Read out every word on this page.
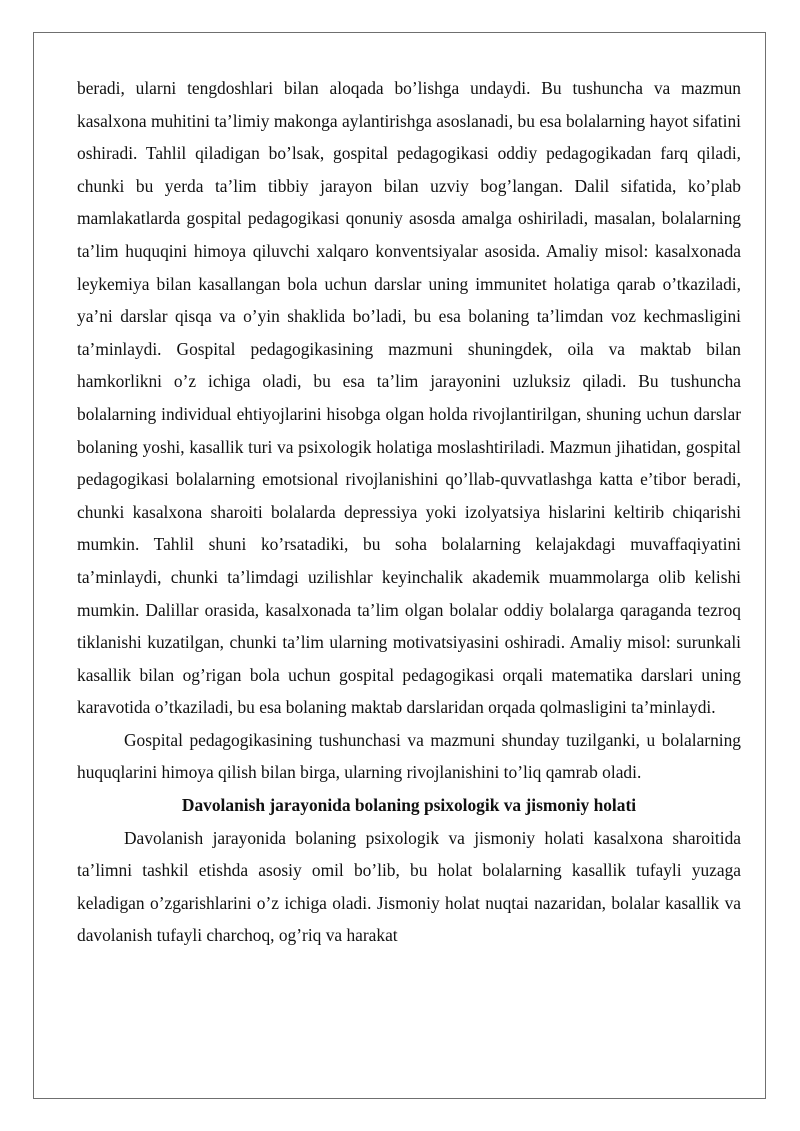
beradi, ularni tengdoshlari bilan aloqada bo’lishga undaydi. Bu tushuncha va mazmun kasalxona muhitini ta’limiy makonga aylantirishga asoslanadi, bu esa bolalarning hayot sifatini oshiradi. Tahlil qiladigan bo’lsak, gospital pedagogikasi oddiy pedagogikadan farq qiladi, chunki bu yerda ta’lim tibbiy jarayon bilan uzviy bog’langan. Dalil sifatida, ko’plab mamlakatlarda gospital pedagogikasi qonuniy asosda amalga oshiriladi, masalan, bolalarning ta’lim huquqini himoya qiluvchi xalqaro konventsiyalar asosida. Amaliy misol: kasalxonada leykemiya bilan kasallangan bola uchun darslar uning immunitet holatiga qarab o’tkaziladi, ya’ni darslar qisqa va o’yin shaklida bo’ladi, bu esa bolaning ta’limdan voz kechmasligini ta’minlaydi. Gospital pedagogikasining mazmuni shuningdek, oila va maktab bilan hamkorlikni o’z ichiga oladi, bu esa ta’lim jarayonini uzluksiz qiladi. Bu tushuncha bolalarning individual ehtiyojlarini hisobga olgan holda rivojlantirilgan, shuning uchun darslar bolaning yoshi, kasallik turi va psixologik holatiga moslashtiriladi. Mazmun jihatidan, gospital pedagogikasi bolalarning emotsional rivojlanishini qo’llab-quvvatlashga katta e’tibor beradi, chunki kasalxona sharoiti bolalarda depressiya yoki izolyatsiya hislarini keltirib chiqarishi mumkin. Tahlil shuni ko’rsatadiki, bu soha bolalarning kelajakdagi muvaffaqiyatini ta’minlaydi, chunki ta’limdagi uzilishlar keyinchalik akademik muammolarga olib kelishi mumkin. Dalillar orasida, kasalxonada ta’lim olgan bolalar oddiy bolalarga qaraganda tezroq tiklanishi kuzatilgan, chunki ta’lim ularning motivatsiyasini oshiradi. Amaliy misol: surunkali kasallik bilan og’rigan bola uchun gospital pedagogikasi orqali matematika darslari uning karavotida o’tkaziladi, bu esa bolaning maktab darslaridan orqada qolmasligini ta’minlaydi.

Gospital pedagogikasining tushunchasi va mazmuni shunday tuzilganki, u bolalarning huquqlarini himoya qilish bilan birga, ularning rivojlanishini to’liq qamrab oladi.

Davolanish jarayonida bolaning psixologik va jismoniy holati

Davolanish jarayonida bolaning psixologik va jismoniy holati kasalxona sharoitida ta’limni tashkil etishda asosiy omil bo’lib, bu holat bolalarning kasallik tufayli yuzaga keladigan o’zgarishlarini o’z ichiga oladi. Jismoniy holat nuqtai nazaridan, bolalar kasallik va davolanish tufayli charchoq, og’riq va harakat
